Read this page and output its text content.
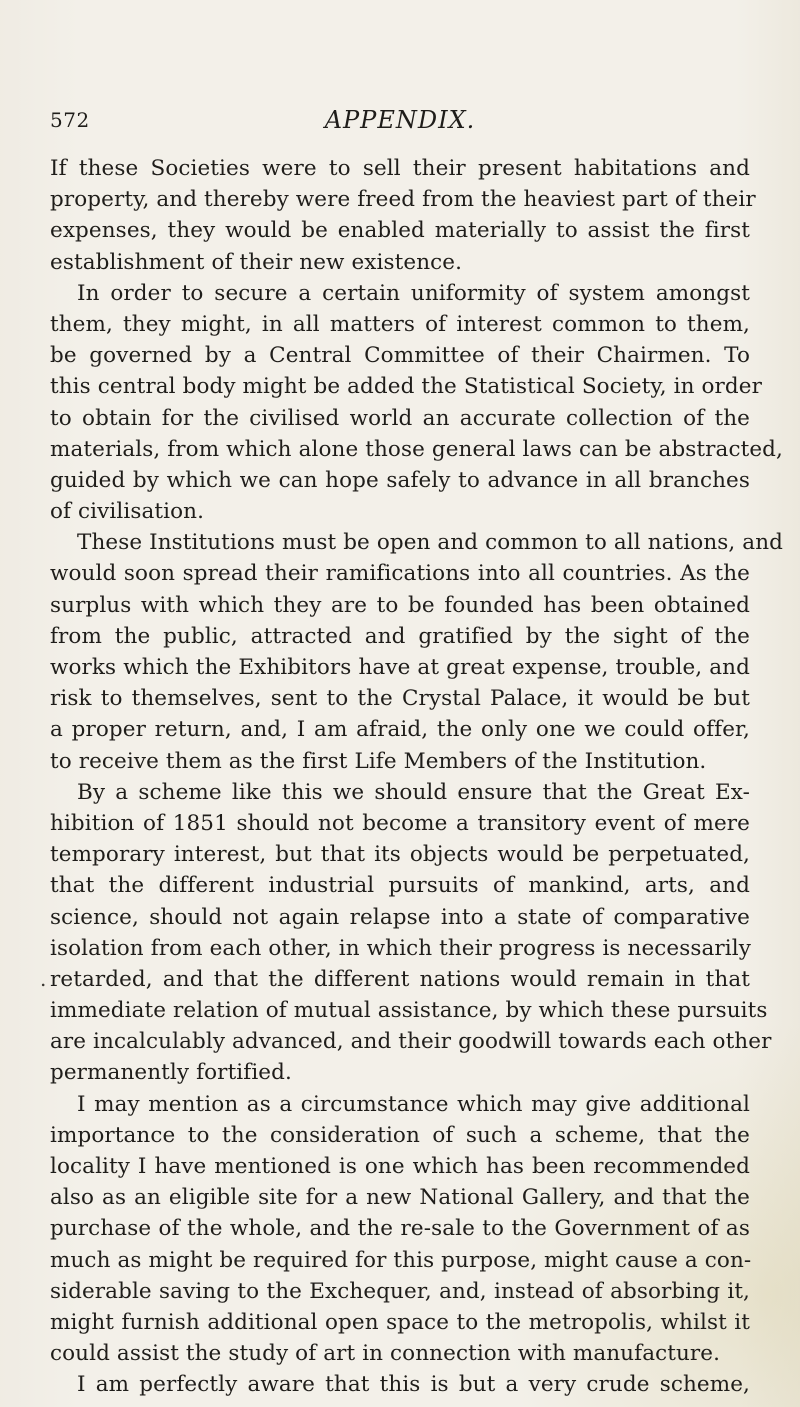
572	APPENDIX.
.
If these Societies were to sell their present habitations and
property, and thereby were freed from the heaviest part of their
expenses, they would be enabled materially to assist the first
establishment of their new existence.
In order to secure a certain uniformity of system amongst
them, they might, in all matters of interest common to them,
be governed by a Central Committee of their Chairmen. To
this central body might be added the Statistical Society, in order
to obtain for the civilised world an accurate collection of the
materials, from which alone those general laws can be abstracted,
guided by which we can hope safely to advance in all branches
of civilisation.
These Institutions must be open and common to all nations, and
would soon spread their ramifications into all countries. As the
surplus with which they are to be founded has been obtained
from the public, attracted and gratified by the sight of the
works which the Exhibitors have at great expense, trouble, and
risk to themselves, sent to the Crystal Palace, it would be but
a proper return, and, I am afraid, the only one we could offer,
to receive them as the first Life Members of the Institution.
By a scheme like this we should ensure that the Great Ex-
hibition of 1851 should not become a transitory event of mere
temporary interest, but that its objects would be perpetuated,
that the different industrial pursuits of mankind, arts, and
science, should not again relapse into a state of comparative
isolation from each other, in which their progress is necessarily
retarded, and that the different nations would remain in that
immediate relation of mutual assistance, by which these pursuits
are incalculably advanced, and their goodwill towards each other
permanently fortified.
I may mention as a circumstance which may give additional
importance to the consideration of such a scheme, that the
locality I have mentioned is one which has been recommended
also as an eligible site for a new National Gallery, and that the
purchase of the whole, and the re-sale to the Government of as
much as might be required for this purpose, might cause a con-
siderable saving to the Exchequer, and, instead of absorbing it,
might furnish additional open space to the metropolis, whilst it
could assist the study of art in connection with manufacture.
I am perfectly aware that this is but a very crude scheme,
